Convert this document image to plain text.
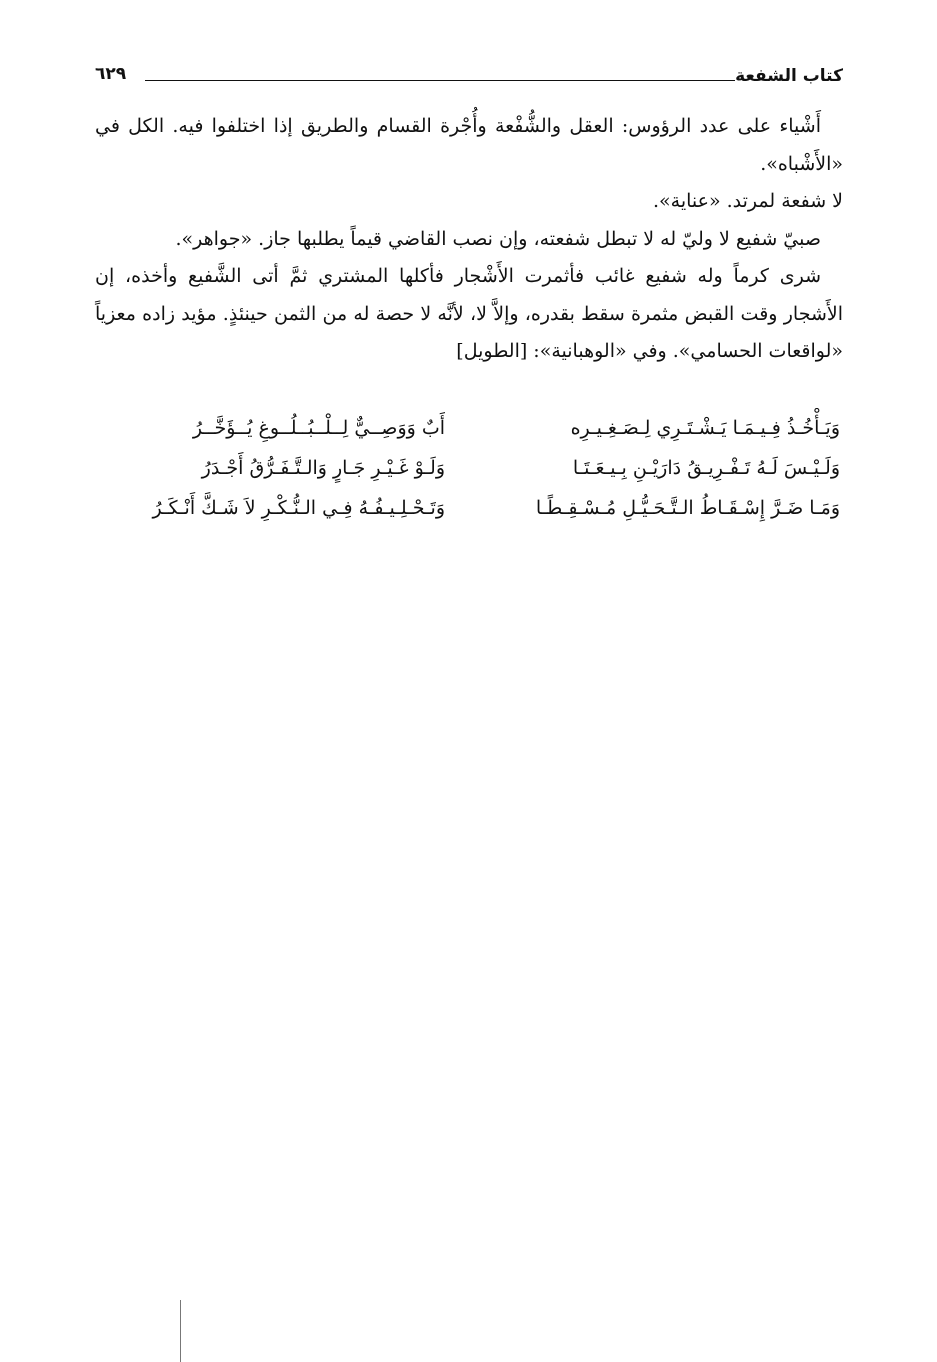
كتاب الشفعة
٦٢٩

أَشْياء على عدد الرؤوس: العقل والشُّفْعة وأُجْرة القسام والطريق إذا اختلفوا فيه. الكل في «الأَشْباه».

لا شفعة لمرتد. «عناية».

صبيّ شفيع لا وليّ له لا تبطل شفعته، وإن نصب القاضي قيماً يطلبها جاز. «جواهر».

شرى كرماً وله شفيع غائب فأثمرت الأَشْجار فأكلها المشتري ثمَّ أتى الشَّفيع وأخذه، إن الأَشجار وقت القبض مثمرة سقط بقدره، وإلاَّ لا، لأنَّه لا حصة له من الثمن حينئذٍ. مؤيد زاده معزياً «لواقعات الحسامي». وفي «الوهبانية»: [الطويل]

وَيَـأْخُـذُ فِـيـمَـا يَـشْـتَـرِي لِـصَـغِـيـرِه
أَبٌ وَوَصِــيٌّ لِــلْــبُــلُــوغِ يُــؤَخَّــرُ
وَلَـيْـسَ لَـهُ تَـفْـرِيـقُ دَارَيْـنِ بِـيـعَـتَـا
وَلَـوْ غَـيْـرِ جَـارٍ وَالـتَّـفَـرُّقُ أَجْـدَرُ
وَمَـا ضَـرَّ إِسْـقَـاطُ الـتَّـحَـيُّـلِ مُـسْـقِـطًـا
وَتَـحْـلِـيـفُـهُ فِـي الـنُّـكْـرِ لاَ شَـكَّ أَنْـكَـرُ
